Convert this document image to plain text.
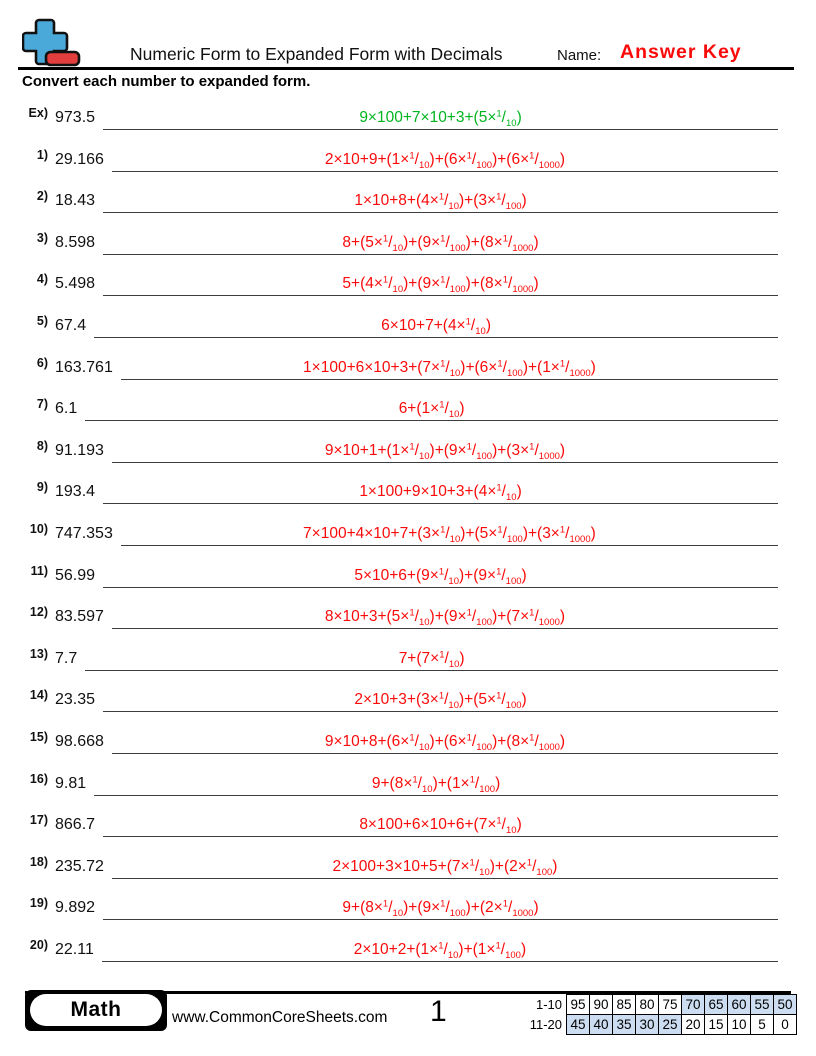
Numeric Form to Expanded Form with Decimals	Name: Answer Key
Convert each number to expanded form.
Ex) 973.5	$9\times 100+7\times 10+3+(5\times^1/_{10})$
1) 29.166	$2\times 10+9+(1\times^1/_{10})+(6\times^1/_{100})+(6\times^1/_{1000})$
2) 18.43	$1\times 10+8+(4\times^1/_{10})+(3\times^1/_{100})$
3) 8.598	$8+(5\times^1/_{10})+(9\times^1/_{100})+(8\times^1/_{1000})$
4) 5.498	$5+(4\times^1/_{10})+(9\times^1/_{100})+(8\times^1/_{1000})$
5) 67.4	$6\times 10+7+(4\times^1/_{10})$
6) 163.761	$1\times 100+6\times 10+3+(7\times^1/_{10})+(6\times^1/_{100})+(1\times^1/_{1000})$
7) 6.1	$6+(1\times^1/_{10})$
8) 91.193	$9\times 10+1+(1\times^1/_{10})+(9\times^1/_{100})+(3\times^1/_{1000})$
9) 193.4	$1\times 100+9\times 10+3+(4\times^1/_{10})$
10) 747.353	$7\times 100+4\times 10+7+(3\times^1/_{10})+(5\times^1/_{100})+(3\times^1/_{1000})$
11) 56.99	$5\times 10+6+(9\times^1/_{10})+(9\times^1/_{100})$
12) 83.597	$8\times 10+3+(5\times^1/_{10})+(9\times^1/_{100})+(7\times^1/_{1000})$
13) 7.7	$7+(7\times^1/_{10})$
14) 23.35	$2\times 10+3+(3\times^1/_{10})+(5\times^1/_{100})$
15) 98.668	$9\times 10+8+(6\times^1/_{10})+(6\times^1/_{100})+(8\times^1/_{1000})$
16) 9.81	$9+(8\times^1/_{10})+(1\times^1/_{100})$
17) 866.7	$8\times 100+6\times 10+6+(7\times^1/_{10})$
18) 235.72	$2\times 100+3\times 10+5+(7\times^1/_{10})+(2\times^1/_{100})$
19) 9.892	$9+(8\times^1/_{10})+(9\times^1/_{100})+(2\times^1/_{1000})$
20) 22.11	$2\times 10+2+(1\times^1/_{10})+(1\times^1/_{100})$
Math	www.CommonCoreSheets.com 1	1-10	95	90	85	80	75	70	65	60	55	50
11-20	45	40	35	30	25	20	15	10	5	0
